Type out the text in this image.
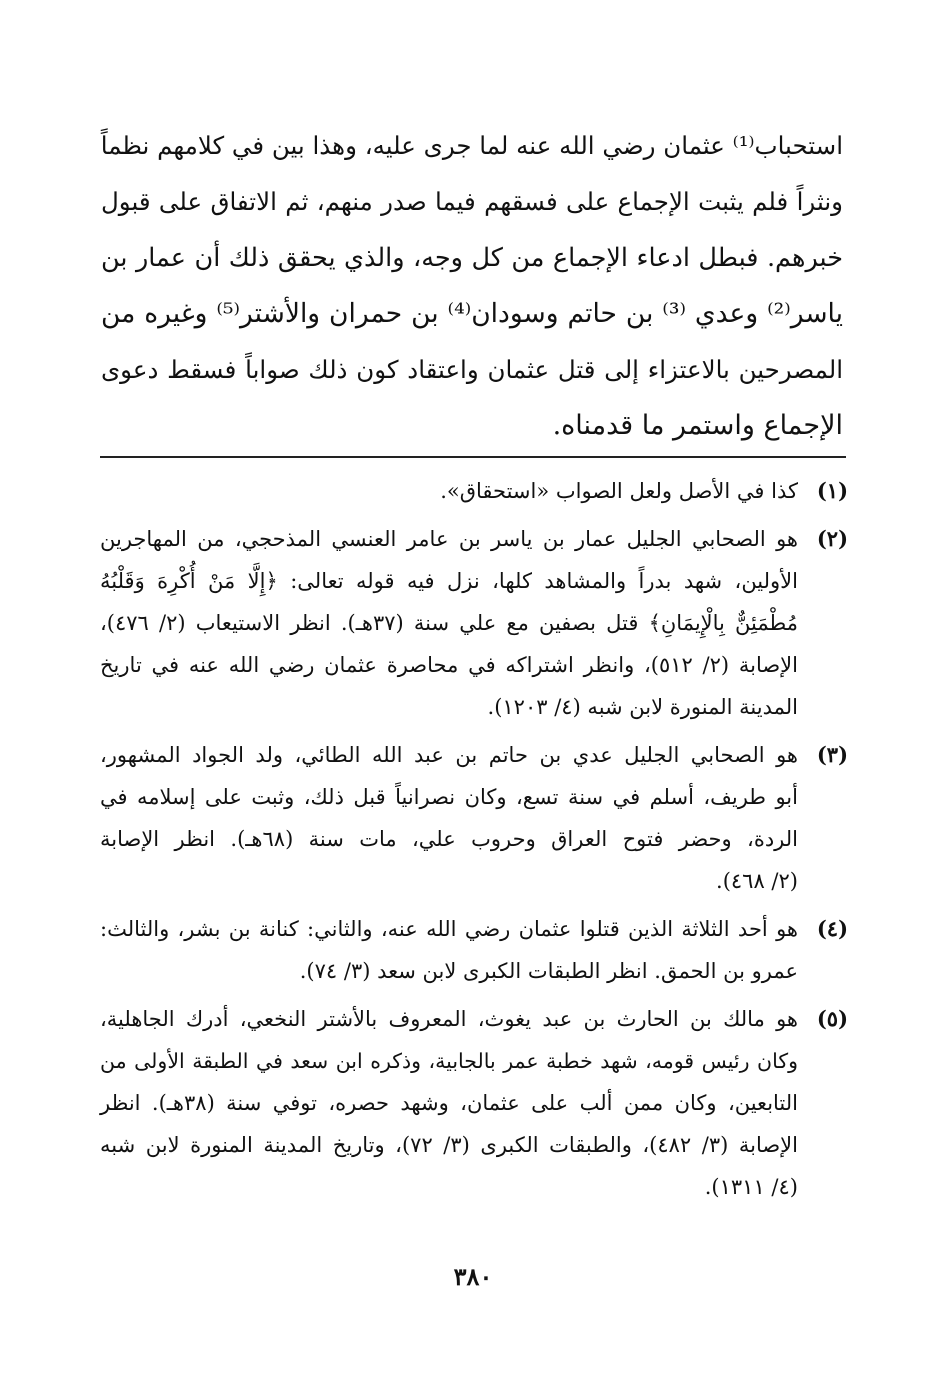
استحباب⁽¹⁾ عثمان رضي الله عنه لما جرى عليه، وهذا بين في كلامهم نظماً
ونثراً فلم يثبت الإجماع على فسقهم فيما صدر منهم، ثم الاتفاق على قبول
خبرهم. فبطل ادعاء الإجماع من كل وجه، والذي يحقق ذلك أن عمار بن
ياسر⁽²⁾ وعدي ⁽³⁾ بن حاتم وسودان⁽⁴⁾ بن حمران والأشتر⁽⁵⁾ وغيره من
المصرحين بالاعتزاء إلى قتل عثمان واعتقاد كون ذلك صواباً فسقط دعوى
الإجماع واستمر ما قدمناه.
(١)
كذا في الأصل ولعل الصواب «استحقاق».
(٢)
هو الصحابي الجليل عمار بن ياسر بن عامر العنسي المذحجي، من المهاجرين
الأولين، شهد بدراً والمشاهد كلها، نزل فيه قوله تعالى: ﴿إِلَّا مَنْ أُكْرِهَ وَقَلْبُهُ
مُطْمَئِنٌّ بِالْإِيمَانِ﴾ قتل بصفين مع علي سنة (٣٧هـ). انظر الاستيعاب (٢/ ٤٧٦)،
الإصابة (٢/ ٥١٢)، وانظر اشتراكه في محاصرة عثمان رضي الله عنه في تاريخ
المدينة المنورة لابن شبه (٤/ ١٢٠٣).
(٣)
هو الصحابي الجليل عدي بن حاتم بن عبد الله الطائي، ولد الجواد المشهور،
أبو طريف، أسلم في سنة تسع، وكان نصرانياً قبل ذلك، وثبت على إسلامه في
الردة، وحضر فتوح العراق وحروب علي، مات سنة (٦٨هـ). انظر الإصابة
(٢/ ٤٦٨).
(٤)
هو أحد الثلاثة الذين قتلوا عثمان رضي الله عنه، والثاني: كنانة بن بشر، والثالث:
عمرو بن الحمق. انظر الطبقات الكبرى لابن سعد (٣/ ٧٤).
(٥)
هو مالك بن الحارث بن عبد يغوث، المعروف بالأشتر النخعي، أدرك الجاهلية،
وكان رئيس قومه، شهد خطبة عمر بالجابية، وذكره ابن سعد في الطبقة الأولى من
التابعين، وكان ممن ألب على عثمان، وشهد حصره، توفي سنة (٣٨هـ). انظر
الإصابة (٣/ ٤٨٢)، والطبقات الكبرى (٣/ ٧٢)، وتاريخ المدينة المنورة لابن شبه
(٤/ ١٣١١).
٣٨٠
